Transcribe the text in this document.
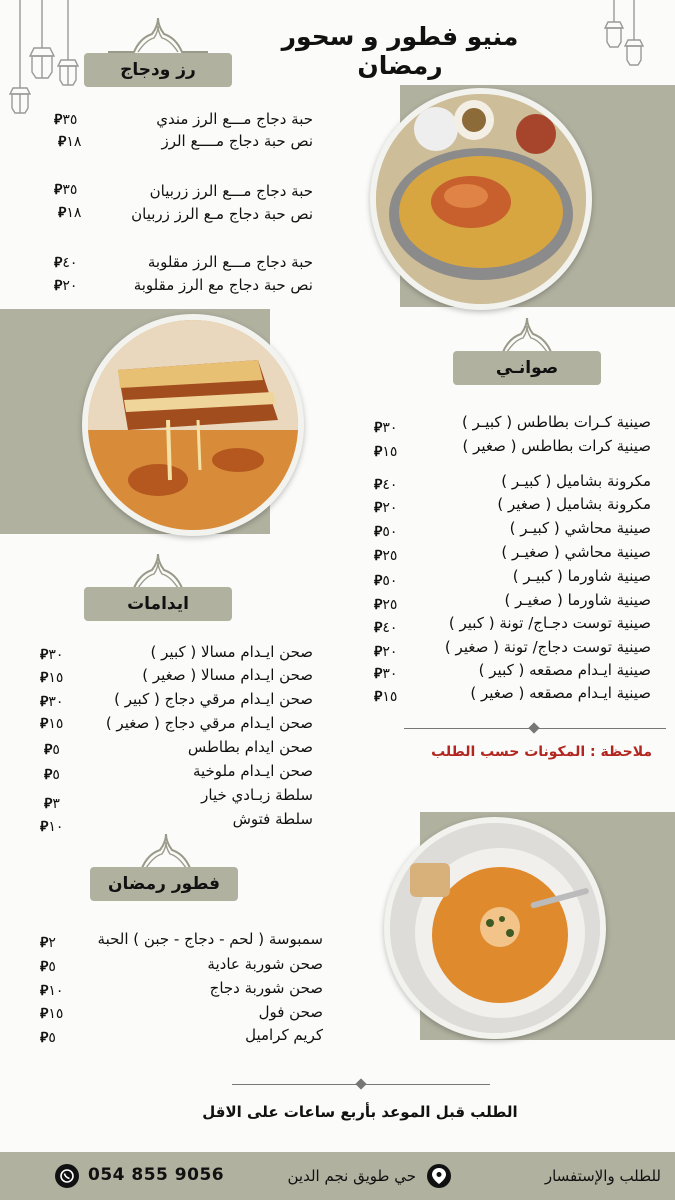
منيو فطور و سحور رمضان
رز ودجاج
صوانـي
ايدامات
فطور رمضان
حبة دجاج مـــع الرز مندي
نص حبة دجاج مــــع الرز
حبة دجاج مـــع الرز زربيان
نص حبة دجاج مـع الرز زربيان
حبة دجاج مـــع الرز مقلوبة
نص حبة دجاج مع الرز مقلوبة
٣٥⃁
١٨⃁
٣٥⃁
١٨⃁
٤٠⃁
٢٠⃁
صينية كـرات بطاطس ( كبيـر )
صينية كرات بطاطس ( صغير )
مكرونة بشاميل ( كبيـر )
مكرونة بشاميل ( صغير )
صينية محاشي ( كبيـر )
صينية محاشي ( صغيـر )
صينية شاورما ( كبيـر )
صينية شاورما ( صغيـر )
صينية توست دجـاج/ تونة ( كبير )
صينية توست دجاج/ تونة ( صغير )
صينية ايـدام مصقعه ( كبير )
صينية ايـدام مصقعه ( صغير )
٣٠⃁
١٥⃁
٤٠⃁
٢٠⃁
٥٠⃁
٢٥⃁
٥٠⃁
٢٥⃁
٤٠⃁
٢٠⃁
٣٠⃁
١٥⃁
ملاحظة : المكونات حسب الطلب
صحن ايـدام مسالا ( كبير )
صحن ايـدام مسالا ( صغير )
صحن ايـدام مرقي دجاج ( كبير )
صحن ايـدام مرقي دجاج ( صغير )
صحن ايدام بطاطس
صحن ايـدام ملوخية
سلطة زبـادي خيار
سلطة فتوش
٣٠⃁
١٥⃁
٣٠⃁
١٥⃁
٥⃁
٥⃁
٣⃁
١٠⃁
سمبوسة ( لحم - دجاج - جبن ) الحبة
صحن شوربة عادية
صحن شوربة دجاج
صحن فول
كريم كراميل
٢⃁
٥⃁
١٠⃁
١٥⃁
٥⃁
الطلب قبل الموعد بأربع ساعات على الاقل
للطلب والإستفسار
حي طويق نجم الدين
054 855 9056
